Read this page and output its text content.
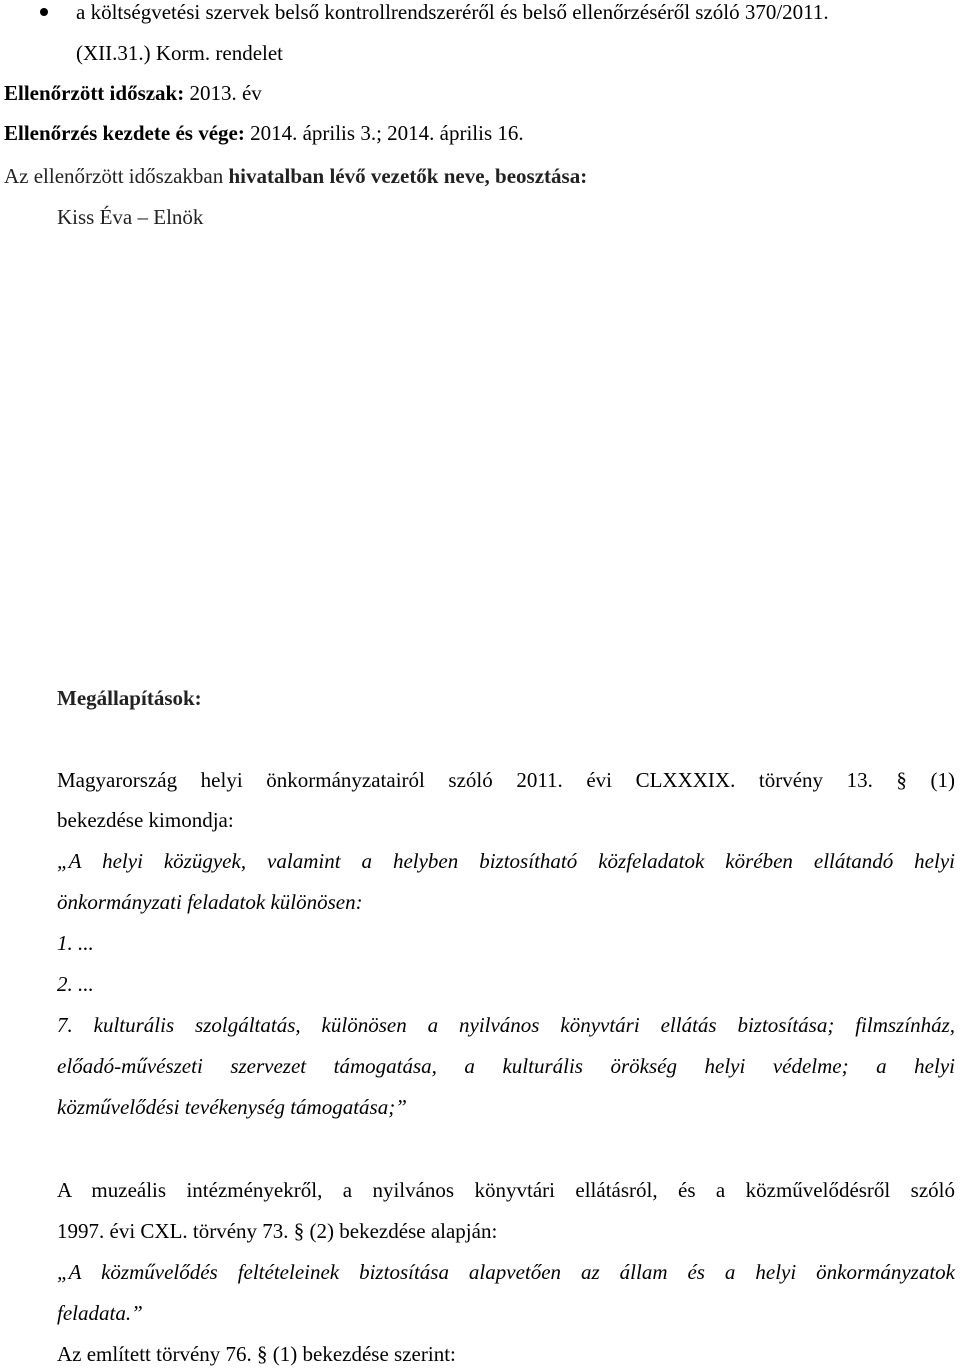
a költségvetési szervek belső kontrollrendszeréről és belső ellenőrzéséről szóló 370/2011.
(XII.31.) Korm. rendelet
Ellenőrzött időszak: 2013. év
Ellenőrzés kezdete és vége: 2014. április 3.; 2014. április 16.
Az ellenőrzött időszakban hivatalban lévő vezetők neve, beosztása:
Kiss Éva – Elnök
Megállapítások:
Magyarország helyi önkormányzatairól szóló 2011. évi CLXXXIX. törvény 13. § (1)
bekezdése kimondja:
„A helyi közügyek, valamint a helyben biztosítható közfeladatok körében ellátandó helyi
önkormányzati feladatok különösen:
1. ...
2. ...
7. kulturális szolgáltatás, különösen a nyilvános könyvtári ellátás biztosítása; filmszínház,
előadó-művészeti szervezet támogatása, a kulturális örökség helyi védelme; a helyi
közművelődési tevékenység támogatása;”
A muzeális intézményekről, a nyilvános könyvtári ellátásról, és a közművelődésről szóló
1997. évi CXL. törvény 73. § (2) bekezdése alapján:
„A közművelődés feltételeinek biztosítása alapvetően az állam és a helyi önkormányzatok
feladata.”
Az említett törvény 76. § (1) bekezdése szerint:
